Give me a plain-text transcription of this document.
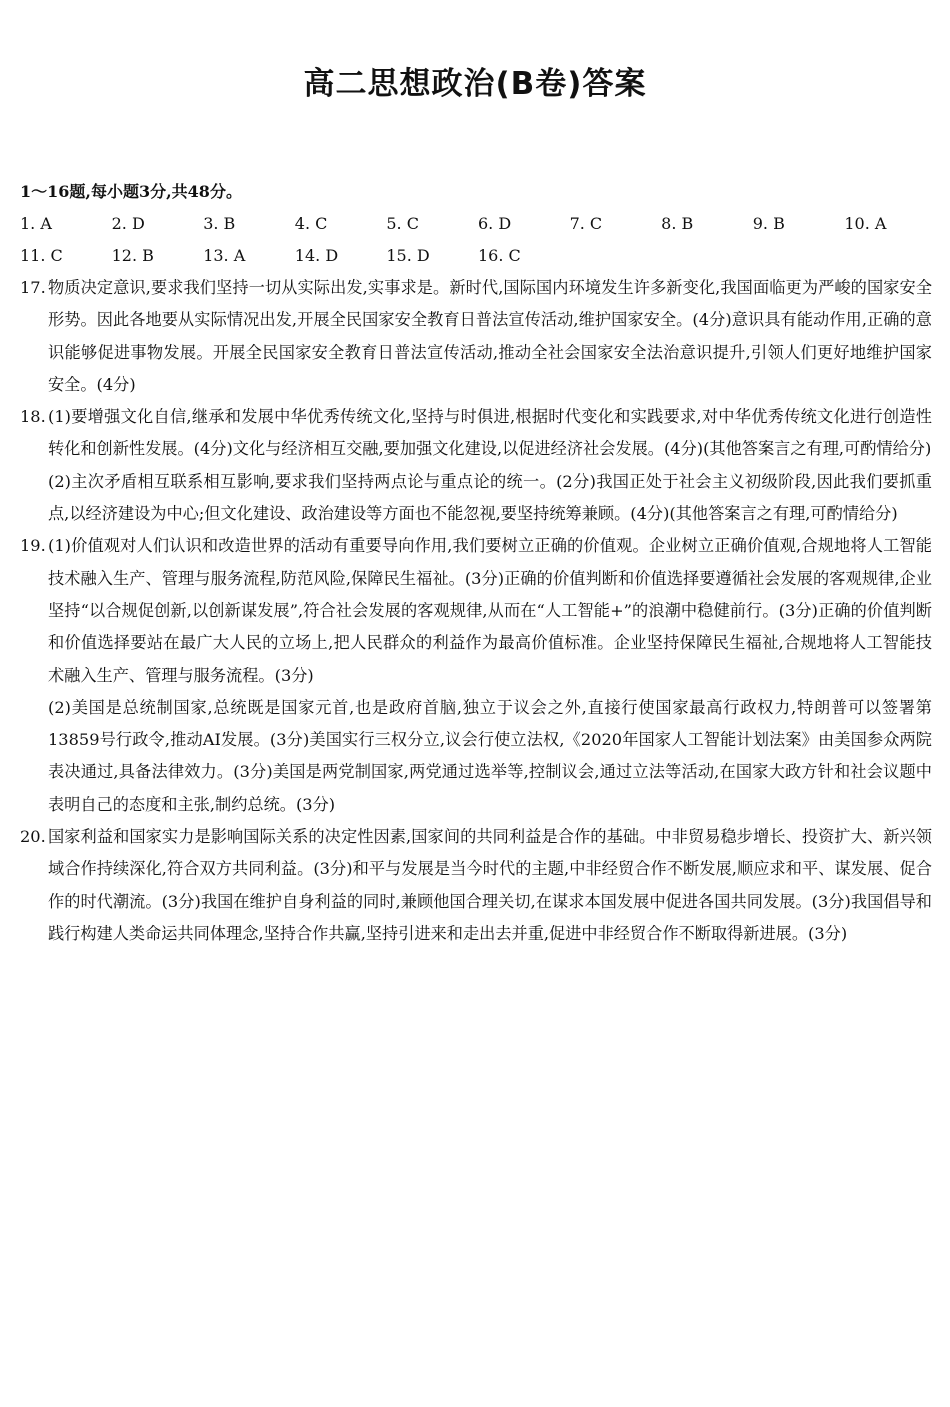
高二思想政治(B卷)答案
1～16题,每小题3分,共48分。
1. A	2. D	3. B	4. C	5. C	6. D	7. C	8. B	9. B	10. A
11. C	12. B	13. A	14. D	15. D	16. C
17. 物质决定意识,要求我们坚持一切从实际出发,实事求是。新时代,国际国内环境发生许多新变化,我国面临更为严峻的国家安全形势。因此各地要从实际情况出发,开展全民国家安全教育日普法宣传活动,维护国家安全。(4分)意识具有能动作用,正确的意识能够促进事物发展。开展全民国家安全教育日普法宣传活动,推动全社会国家安全法治意识提升,引领人们更好地维护国家安全。(4分)

18. (1)要增强文化自信,继承和发展中华优秀传统文化,坚持与时俱进,根据时代变化和实践要求,对中华优秀传统文化进行创造性转化和创新性发展。(4分)文化与经济相互交融,要加强文化建设,以促进经济社会发展。(4分)(其他答案言之有理,可酌情给分)

(2)主次矛盾相互联系相互影响,要求我们坚持两点论与重点论的统一。(2分)我国正处于社会主义初级阶段,因此我们要抓重点,以经济建设为中心;但文化建设、政治建设等方面也不能忽视,要坚持统筹兼顾。(4分)(其他答案言之有理,可酌情给分)

19. (1)价值观对人们认识和改造世界的活动有重要导向作用,我们要树立正确的价值观。企业树立正确价值观,合规地将人工智能技术融入生产、管理与服务流程,防范风险,保障民生福祉。(3分)正确的价值判断和价值选择要遵循社会发展的客观规律,企业坚持“以合规促创新,以创新谋发展”,符合社会发展的客观规律,从而在“人工智能+”的浪潮中稳健前行。(3分)正确的价值判断和价值选择要站在最广大人民的立场上,把人民群众的利益作为最高价值标准。企业坚持保障民生福祉,合规地将人工智能技术融入生产、管理与服务流程。(3分)

(2)美国是总统制国家,总统既是国家元首,也是政府首脑,独立于议会之外,直接行使国家最高行政权力,特朗普可以签署第13859号行政令,推动AI发展。(3分)美国实行三权分立,议会行使立法权,《2020年国家人工智能计划法案》由美国参众两院表决通过,具备法律效力。(3分)美国是两党制国家,两党通过选举等,控制议会,通过立法等活动,在国家大政方针和社会议题中表明自己的态度和主张,制约总统。(3分)

20. 国家利益和国家实力是影响国际关系的决定性因素,国家间的共同利益是合作的基础。中非贸易稳步增长、投资扩大、新兴领域合作持续深化,符合双方共同利益。(3分)和平与发展是当今时代的主题,中非经贸合作不断发展,顺应求和平、谋发展、促合作的时代潮流。(3分)我国在维护自身利益的同时,兼顾他国合理关切,在谋求本国发展中促进各国共同发展。(3分)我国倡导和践行构建人类命运共同体理念,坚持合作共赢,坚持引进来和走出去并重,促进中非经贸合作不断取得新进展。(3分)
